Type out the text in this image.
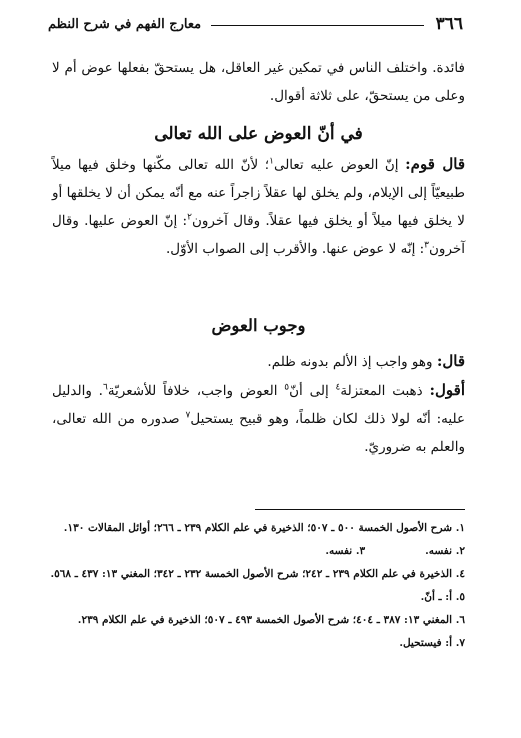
٣٦٦
معارج الفهم في شرح النظم

فائدة. واختلف الناس في تمكين غير العاقل، هل يستحقّ بفعلها عوض أم لا وعلى من يستحقّ، على ثلاثة أقوال.

في أنّ العوض على الله تعالى

قال قوم: إنّ العوض عليه تعالى$^١$؛ لأنّ الله تعالى مكّنها وخلق فيها ميلاً طبيعيّاً إلى الإيلام، ولم يخلق لها عقلاً زاجراً عنه مع أنّه يمكن أن لا يخلقها أو لا يخلق فيها ميلاً أو يخلق فيها عقلاً. وقال آخرون$^٢$: إنّ العوض عليها. وقال آخرون$^٣$: إنّه لا عوض عنها. والأقرب إلى الصواب الأوّل.

وجوب العوض

قال: وهو واجب إذ الألم بدونه ظلم.

أقول: ذهبت المعتزلة$^٤$ إلى أنّ$^٥$ العوض واجب، خلافاً للأشعريّة$^٦$. والدليل عليه: أنّه لولا ذلك لكان ظلماً، وهو قبيح يستحيل$^٧$ صدوره من الله تعالى، والعلم به ضروريّ.

١. شرح الأصول الخمسة ٥٠٠ ـ ٥٠٧؛ الذخيرة في علم الكلام ٢٣٩ ـ ٢٦٦؛ أوائل المقالات ١٣٠.
٢. نفسه.٣. نفسه.
٤. الذخيرة في علم الكلام ٢٣٩ ـ ٢٤٢؛ شرح الأصول الخمسة ٢٣٢ ـ ٣٤٢؛ المغني ١٣: ٤٣٧ ـ ٥٦٨.
٥. أ: ـ أنّ.
٦. المغني ١٣: ٣٨٧ ـ ٤٠٤؛ شرح الأصول الخمسة ٤٩٣ ـ ٥٠٧؛ الذخيرة في علم الكلام ٢٣٩.
٧. أ: فيستحيل.
